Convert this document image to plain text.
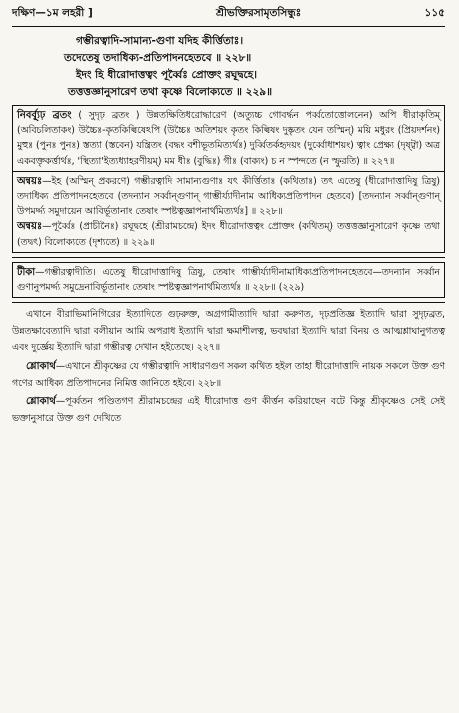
দক্ষিণ—১ম লহরী ]	শ্রীভক্তিরসামৃতসিন্ধুঃ	১১৫
গম্ভীরত্বাদি-সামান্য-গুণা যদিহ কীর্ত্তিতাঃ।
তদেতেষু তদাধিক্য-প্রতিপাদনহেতবে ॥ ২২৮॥
ইদং হি ধীরোদাত্তত্বং পূর্ব্বৈঃ প্রোক্তং রঘূদ্বহে।
তত্তত্তজ্ঞানুসারেণ তথা কৃষ্ণে বিলোক্যতে ॥ ২২৯॥

নির্ব্ব্যূঢ় ব্রতং ( সুদৃঢ় ব্রতং ) উন্নতক্ষিতিধরোদ্ধারেণ (অত্যুচ্চ গোবর্দ্ধন পর্ব্বতোত্তোলনেন) অপি ধীরাকৃতিম্ (অবিচলিতাকং) উচ্চৈঃ-কৃতকিল্বিষেঽপি (উচ্চৈঃ অতিশয়ং কৃতং কিল্বিষং দুষ্কৃতং যেন তস্মিন্) ময়ি মধুরং (প্রিয়দর্শনং) মুহুঃ (পুনঃ পুনঃ) স্তত্যা (স্তবেন) যন্ত্রিতং (বদ্ধং বশীভূতমিত্যর্থঃ) দুর্ব্বিতর্কহৃদয়ং (দুর্ব্বোধাশয়ং) ত্বাং প্রেক্ষ্য (দৃষ্ট্বা) অত্র একবক্তৃকর্ত্তার্থঃ, 'স্থিত্যা'ইত্যধ্যাহরণীয়ম্) মম ধীঃ (বুদ্ধিঃ) গীঃ (বাক্যং) চ ন স্পন্দতে (ন স্ফুরতি) ॥ ২২৭॥

অন্বয়ঃ—ইহ (অস্মিন্ প্রকরণে) গম্ভীরত্বাদি সামান্যগুণাঃ যৎ কীর্ত্তিতাঃ (কথিতাঃ) তৎ এতেষু (ধীরোদাত্তাদিষু ত্রিষু) তদাধিক্য প্রতিপাদনহেতবে (তদন্যান সর্ব্বান্গুণান্ গাম্ভীর্য্যাদীনাম আধিক্যপ্রতিপাদন হেতবে) [তদন্যান সর্ব্বান্গুণান্ উপমর্দ্দ্য সমুদায়েন আবির্ভূতানাং তেষাং স্পষ্টত্বজ্ঞাপনার্থমিত্যর্থঃ] ॥ ২২৮॥

অন্বয়ঃ—পূর্ব্বৈঃ (প্রাচীনৈঃ) রঘূদ্বহে (শ্রীরামচন্দ্রে) ইদং ধীরোদাত্তত্বং প্রোক্তং (কথিতম্) তত্তত্তজ্ঞানুসারেণ কৃষ্ণে তথা (তদ্বৎ) বিলোক্যতে (দৃশ্যতে) ॥ ২২৯॥

টীকা—গম্ভীরত্বাদীতি। এতেষু ধীরোদাত্তাদিষু ত্রিষু, তেষাং গাম্ভীর্য্যাদীনামাধিক্যপ্রতিপাদনহেতবে—তদন্যান সর্ব্বান গুণানুপমর্দ্দ্য সমুদ্রেনাবির্ভূতানাং তেষাং স্পষ্টত্বজ্ঞাপনার্থমিত্যর্থঃ ॥ ২২৮॥ (২২৯)

এখানে বীরাভিমানিগিরের ইত্যাদিতে গুঢ়রুক্ত, অগ্রগামীত্যাদি দ্বারা করুণত, দৃঢ়প্রতিজ্ঞ ইত্যাদি দ্বারা সুদৃঢ়ব্রত, উন্নতক্ষাবেত্যাদি দ্বারা বলীয়ান আমি অপরাধ ইত্যাদি দ্বারা ক্ষমাশীলত্ব, ভবদ্বারা ইত্যাদি দ্বারা বিনয় ও আত্মশ্লাঘানুগতত্ব এবং দুর্জ্ঞেয় ইত্যাদি দ্বারা গম্ভীরত্ব দেখান হইতেছে। ২২৭॥

শ্লোকার্থ—এখানে শ্রীকৃষ্ণের যে গম্ভীরত্বাদি সাধারণগুণ সকল কথিত হইল তাহা ধীরোদাত্তাদি নায়ক সকলে উক্ত গুণ গণের আধিক্য প্রতিপাদনের নিমিত্ত জানিতে হইবে। ২২৮॥

শ্লোকার্থ—পূর্ব্বতন পণ্ডিতগণ শ্রীরামচন্দ্রের এই ধীরোদাত্ত গুণ কীর্ত্তন করিয়াছেন বটে কিন্তু শ্রীকৃষ্ণেও সেই সেই ভক্তানুসারে উক্ত গুণ দেখিতে
